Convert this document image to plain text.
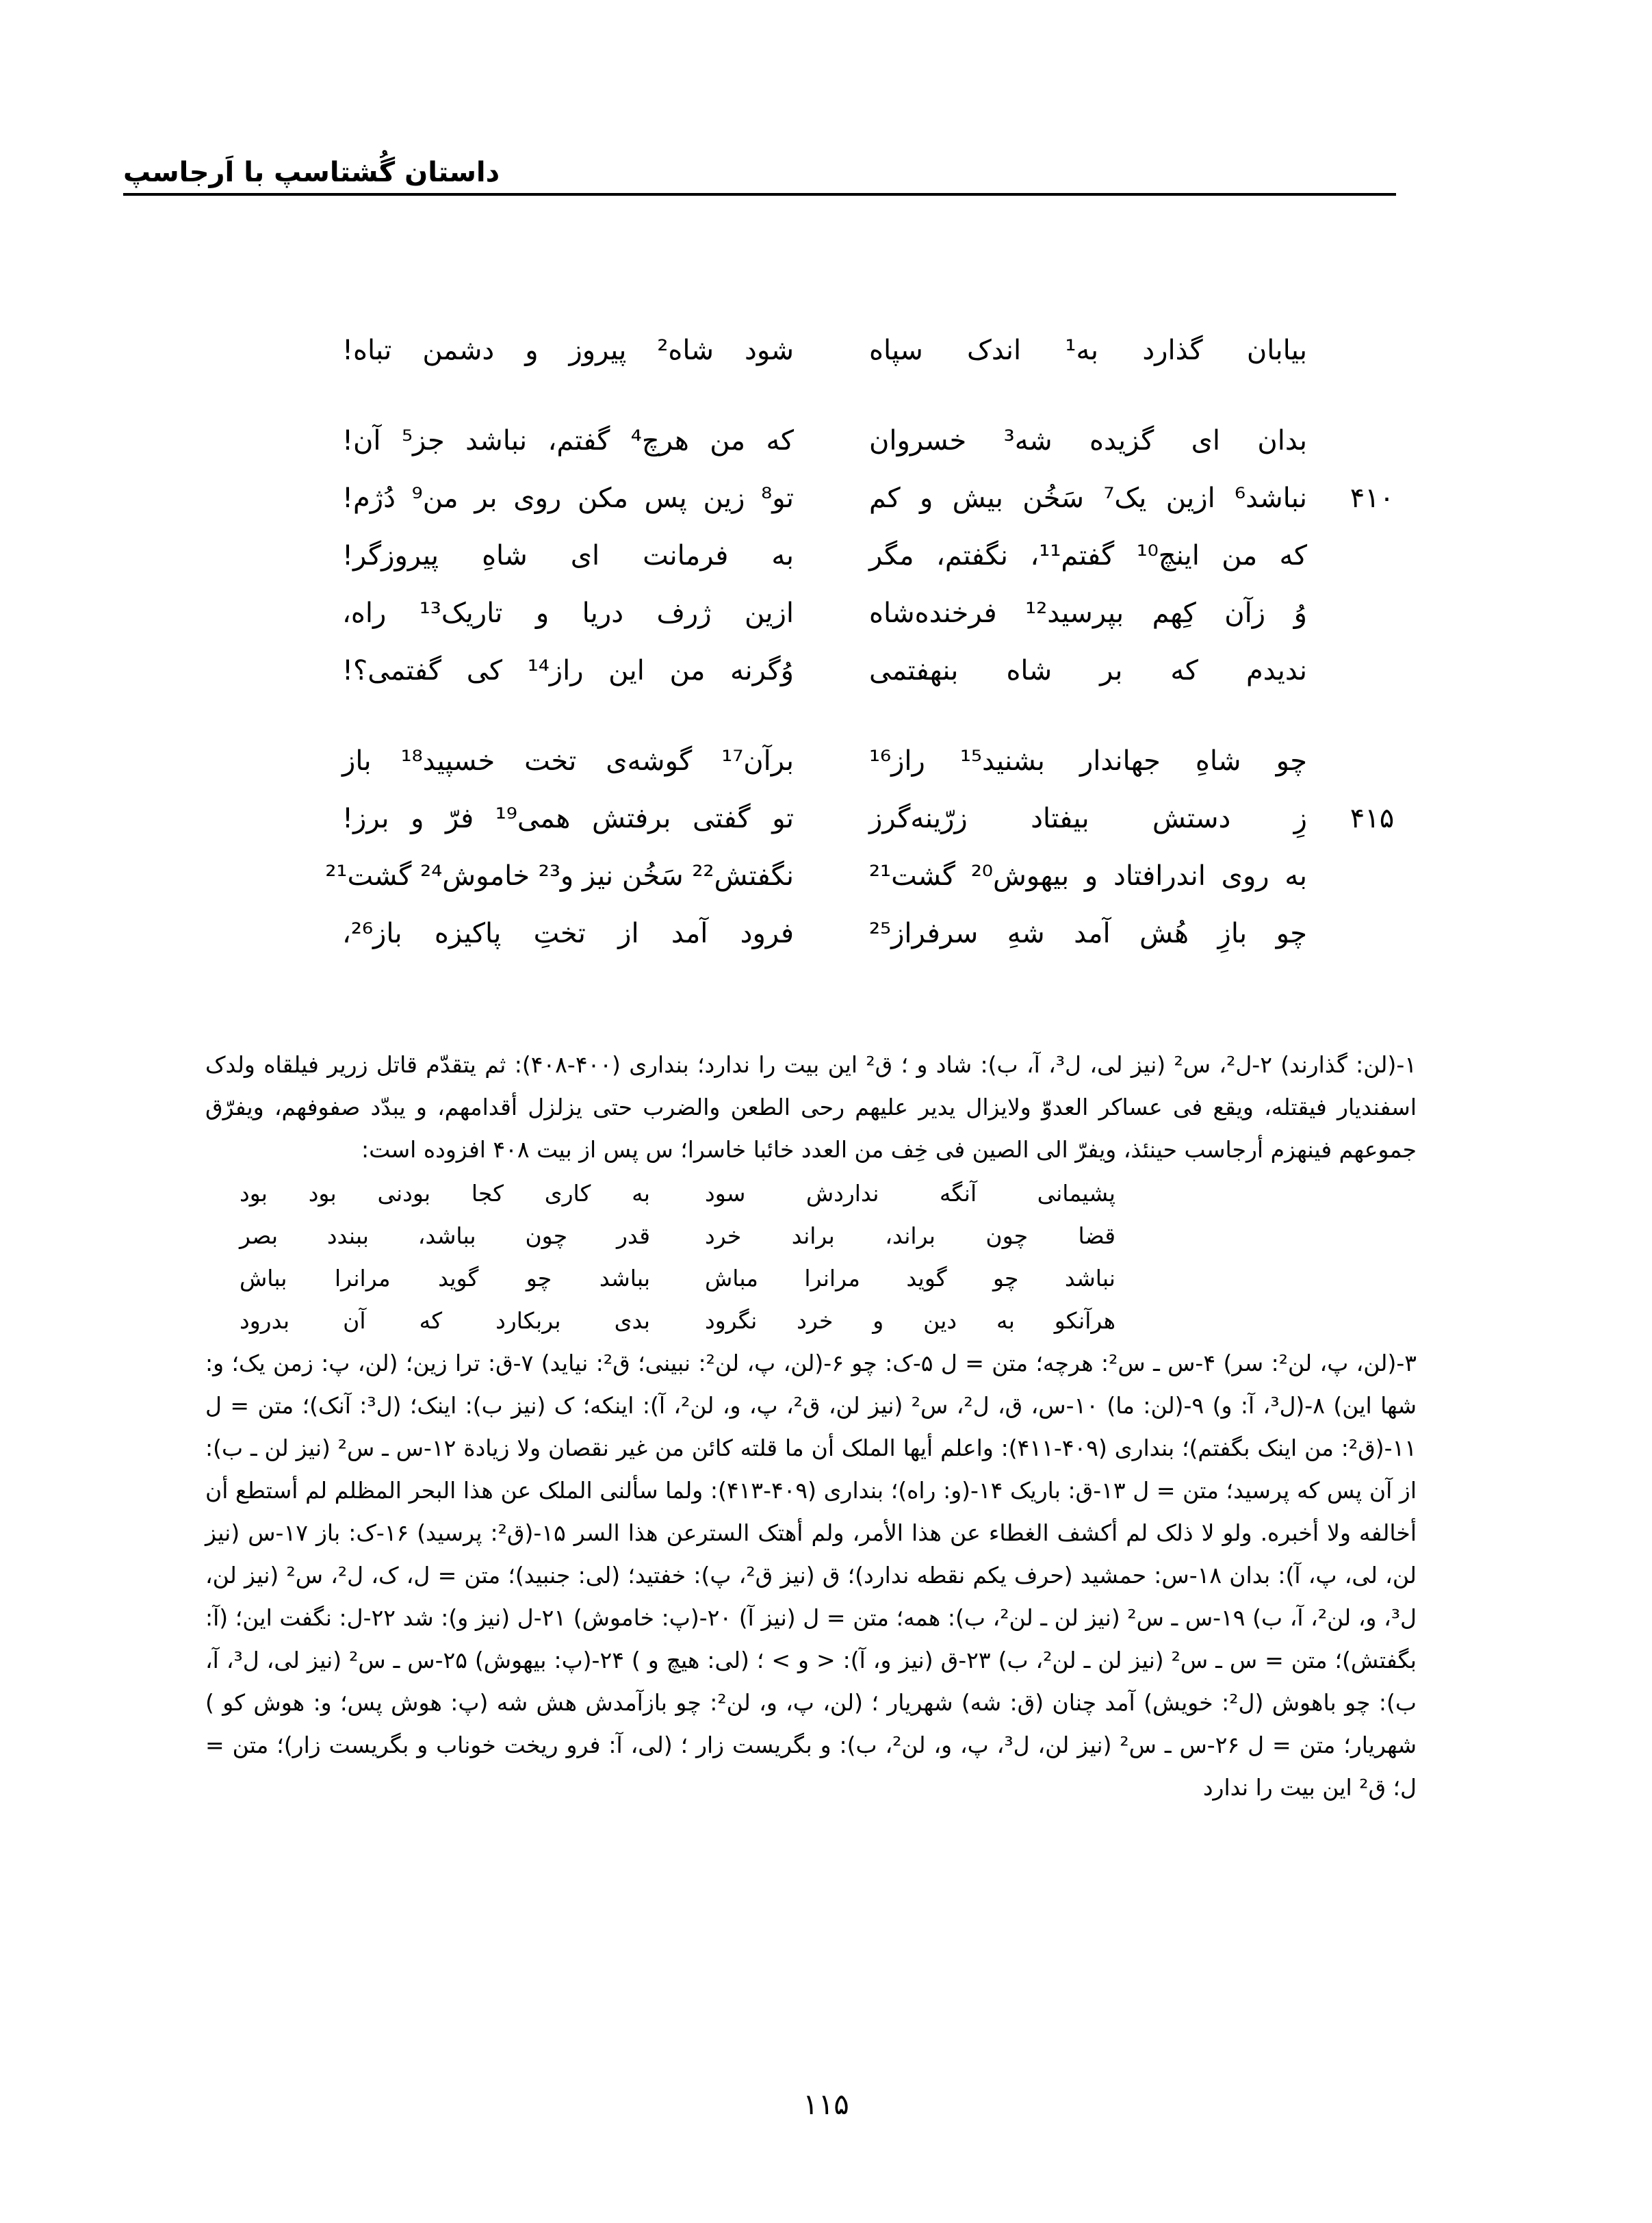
داستان گُشتاسپ با اَرجاسپ
بیابان گذارد به¹ اندک سپاه
شود شاه² پیروز و دشمن تباه!
بدان ای گزیده شه³ خسروان
که من هرچ⁴ گفتم، نباشد جز⁵ آن!
۴۱۰
نباشد⁶ ازین یک⁷ سَخُن بیش و کم
تو⁸ زین پس مکن روی بر من⁹ دُژم!
که من اینچ¹⁰ گفتم¹¹، نگفتم، مگر
به فرمانت ای شاهِ پیروزگر!
وُ زآن کِهم بپرسید¹² فرخنده‌شاه
ازین ژرف دریا و تاریک¹³ راه،
ندیدم که بر شاه بنهفتمی
وُگرنه من این راز¹⁴ کی گفتمی؟!
چو شاهِ جهاندار بشنید¹⁵ راز¹⁶
برآن¹⁷ گوشه‌ی تخت خسپید¹⁸ باز
۴۱۵
زِ دستش بیفتاد زرّینه‌گرز
تو گفتی برفتش همی¹⁹ فرّ و برز!
به روی اندرافتاد و بیهوش²⁰ گشت²¹
نگفتش²² سَخُن نیز و²³ خاموش²⁴ گشت²¹
چو بازِ هُش آمد شهِ سرفراز²⁵
فرود آمد از تختِ پاکیزه باز²⁶،

۱-(لن: گذارند) ۲-ل²، س² (نیز لی، ل³، آ، ب): شاد و ؛ ق² این بیت را ندارد؛ بنداری (۴۰۰-۴۰۸): ثم یتقدّم قاتل زریر فیلقاه ولدک اسفندیار فیقتله، ویقع فی عساکر العدوّ ولایزال یدیر علیهم رحی الطعن والضرب حتی یزلزل أقدامهم، و یبدّد صفوفهم، ویفرّق جموعهم فینهزم أرجاسب حینئذ، ویفرّ الی الصین فی خِف من العدد خائبا خاسرا؛ س پس از بیت ۴۰۸ افزوده است:

پشیمانی آنگه نداردش سود
به کاری کجا بودنی بود بود
قضا چون براند، براند خرد
قدر چون بباشد، ببندد بصر
نباشد چو گوید مرانرا مباش
بباشد چو گوید مرانرا بباش
هرآنکو به دین و خرد نگرود
بدی بربکارد که آن بدرود

۳-(لن، پ، لن²: سر) ۴-س ـ س²: هرچه؛ متن = ل ۵-ک: چو ۶-(لن، پ، لن²: نبینی؛ ق²: نیاید) ۷-ق: ترا زین؛ (لن، پ: زمن یک؛ و: شها این) ۸-(ل³، آ: و) ۹-(لن: ما) ۱۰-س، ق، ل²، س² (نیز لن، ق²، پ، و، لن²، آ): اینکه؛ ک (نیز ب): اینک؛ (ل³: آنک)؛ متن = ل ۱۱-(ق²: من اینک بگفتم)؛ بنداری (۴۰۹-۴۱۱): واعلم أیها الملک أن ما قلته کائن من غیر نقصان ولا زیادة ۱۲-س ـ س² (نیز لن ـ ب): از آن پس که پرسید؛ متن = ل ۱۳-ق: باریک ۱۴-(و: راه)؛ بنداری (۴۰۹-۴۱۳): ولما سألنی الملک عن هذا البحر المظلم لم أستطع أن أخالفه ولا أخبره. ولو لا ذلک لم أکشف الغطاء عن هذا الأمر، ولم أهتک السترعن هذا السر ۱۵-(ق²: پرسید) ۱۶-ک: باز ۱۷-س (نیز لن، لی، پ، آ): بدان ۱۸-س: حمشید (حرف یکم نقطه ندارد)؛ ق (نیز ق²، پ): خفتید؛ (لی: جنبید)؛ متن = ل، ک، ل²، س² (نیز لن، ل³، و، لن²، آ، ب) ۱۹-س ـ س² (نیز لن ـ لن²، ب): همه؛ متن = ل (نیز آ) ۲۰-(پ: خاموش) ۲۱-ل (نیز و): شد ۲۲-ل: نگفت این؛ (آ: بگفتش)؛ متن = س ـ س² (نیز لن ـ لن²، ب) ۲۳-ق (نیز و، آ): < و > ؛ (لی: هیچ و ) ۲۴-(پ: بیهوش) ۲۵-س ـ س² (نیز لی، ل³، آ، ب): چو باهوش (ل²: خویش) آمد چنان (ق: شه) شهریار ؛ (لن، پ، و، لن²: چو بازآمدش هش شه (پ: هوش پس؛ و: هوش کو ) شهریار؛ متن = ل ۲۶-س ـ س² (نیز لن، ل³، پ، و، لن²، ب): و بگریست زار ؛ (لی، آ: فرو ریخت خوناب و بگریست زار)؛ متن = ل؛ ق² این بیت را ندارد

۱۱۵
